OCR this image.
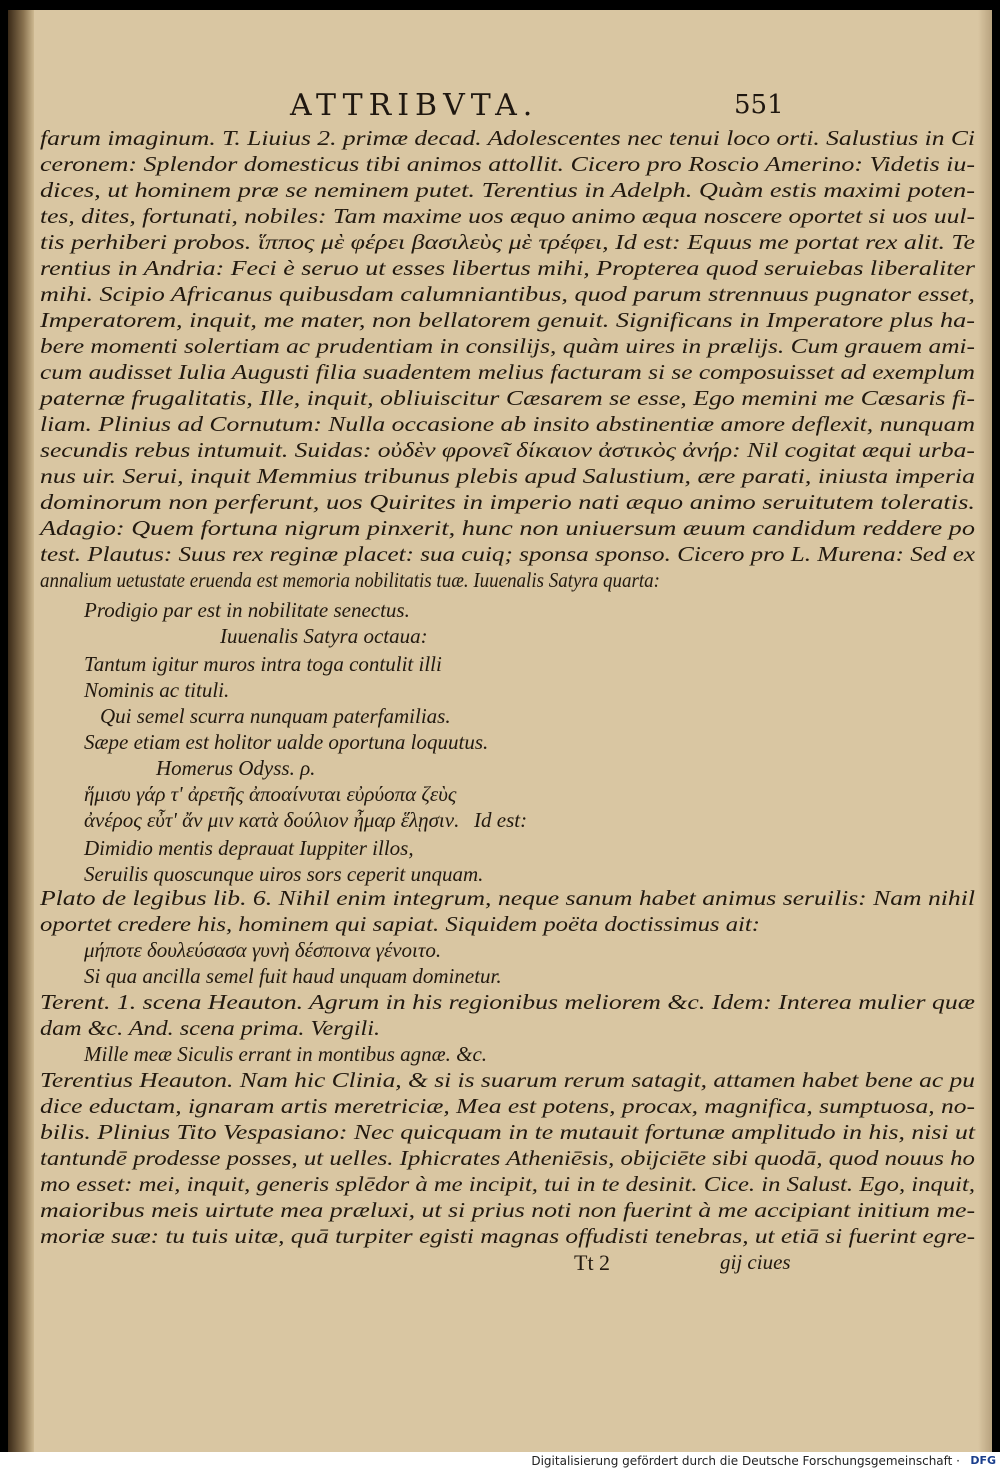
ATTRIBVTA.	551
farum imaginum. T. Liuius 2. primæ decad. Adolescentes nec tenui loco orti. Salustius in Ci
ceronem: Splendor domesticus tibi animos attollit. Cicero pro Roscio Amerino: Videtis iu-
dices, ut hominem præ se neminem putet. Terentius in Adelph. Quàm estis maximi poten-
tes, dites, fortunati, nobiles: Tam maxime uos æquo animo æqua noscere oportet si uos uul-
tis perhiberi probos. ἵππος μὲ φέρει βασιλεὺς μὲ τρέφει, Id est: Equus me portat rex alit. Te
rentius in Andria: Feci è seruo ut esses libertus mihi, Propterea quod seruiebas liberaliter
mihi. Scipio Africanus quibusdam calumniantibus, quod parum strennuus pugnator esset,
Imperatorem, inquit, me mater, non bellatorem genuit. Significans in Imperatore plus ha-
bere momenti solertiam ac prudentiam in consilijs, quàm uires in prælijs. Cum grauem ami-
cum audisset Iulia Augusti filia suadentem melius facturam si se composuisset ad exemplum
paternæ frugalitatis, Ille, inquit, obliuiscitur Cæsarem se esse, Ego memini me Cæsaris fi-
liam. Plinius ad Cornutum: Nulla occasione ab insito abstinentiæ amore deflexit, nunquam
secundis rebus intumuit. Suidas: οὐδὲν φρονεῖ δίκαιον ἀστικὸς ἀνήρ: Nil cogitat æqui urba-
nus uir. Serui, inquit Memmius tribunus plebis apud Salustium, ære parati, iniusta imperia
dominorum non perferunt, uos Quirites in imperio nati æquo animo seruitutem toleratis.
Adagio: Quem fortuna nigrum pinxerit, hunc non uniuersum æuum candidum reddere po
test. Plautus: Suus rex reginæ placet: sua cuiq; sponsa sponso. Cicero pro L. Murena: Sed ex
annalium uetustate eruenda est memoria nobilitatis tuæ. Iuuenalis Satyra quarta:
Prodigio par est in nobilitate senectus.
Iuuenalis Satyra octaua:
Tantum igitur muros intra toga contulit illi
Nominis ac tituli.
Qui semel scurra nunquam paterfamilias.
Sæpe etiam est holitor ualde oportuna loquutus.
Homerus Odyss. ρ.
ἥμισυ γάρ τ' ἀρετῆς ἀποαίνυται εὐρύοπα ζεὺς
ἀνέρος εὖτ' ἄν μιν κατὰ δούλιον ἦμαρ ἕλῃσιν. Id est:
Dimidio mentis deprauat Iuppiter illos,
Seruilis quoscunque uiros sors ceperit unquam.
Plato de legibus lib. 6. Nihil enim integrum, neque sanum habet animus seruilis: Nam nihil
oportet credere his, hominem qui sapiat. Siquidem poëta doctissimus ait:
μήποτε δουλεύσασα γυνὴ δέσποινα γένοιτο.
Si qua ancilla semel fuit haud unquam dominetur.
Terent. 1. scena Heauton. Agrum in his regionibus meliorem &c. Idem: Interea mulier quæ
dam &c. And. scena prima. Vergili.
Mille meæ Siculis errant in montibus agnæ. &c.
Terentius Heauton. Nam hic Clinia, & si is suarum rerum satagit, attamen habet bene ac pu
dice eductam, ignaram artis meretriciæ, Mea est potens, procax, magnifica, sumptuosa, no-
bilis. Plinius Tito Vespasiano: Nec quicquam in te mutauit fortunæ amplitudo in his, nisi ut
tantundē prodesse posses, ut uelles. Iphicrates Atheniēsis, obijciēte sibi quodā, quod nouus ho
mo esset: mei, inquit, generis splēdor à me incipit, tui in te desinit. Cice. in Salust. Ego, inquit,
maioribus meis uirtute mea præluxi, ut si prius noti non fuerint à me accipiant initium me-
moriæ suæ: tu tuis uitæ, quā turpiter egisti magnas offudisti tenebras, ut etiā si fuerint egre-
Tt 2	gij ciues
Digitalisierung gefördert durch die Deutsche Forschungsgemeinschaft · DFG
